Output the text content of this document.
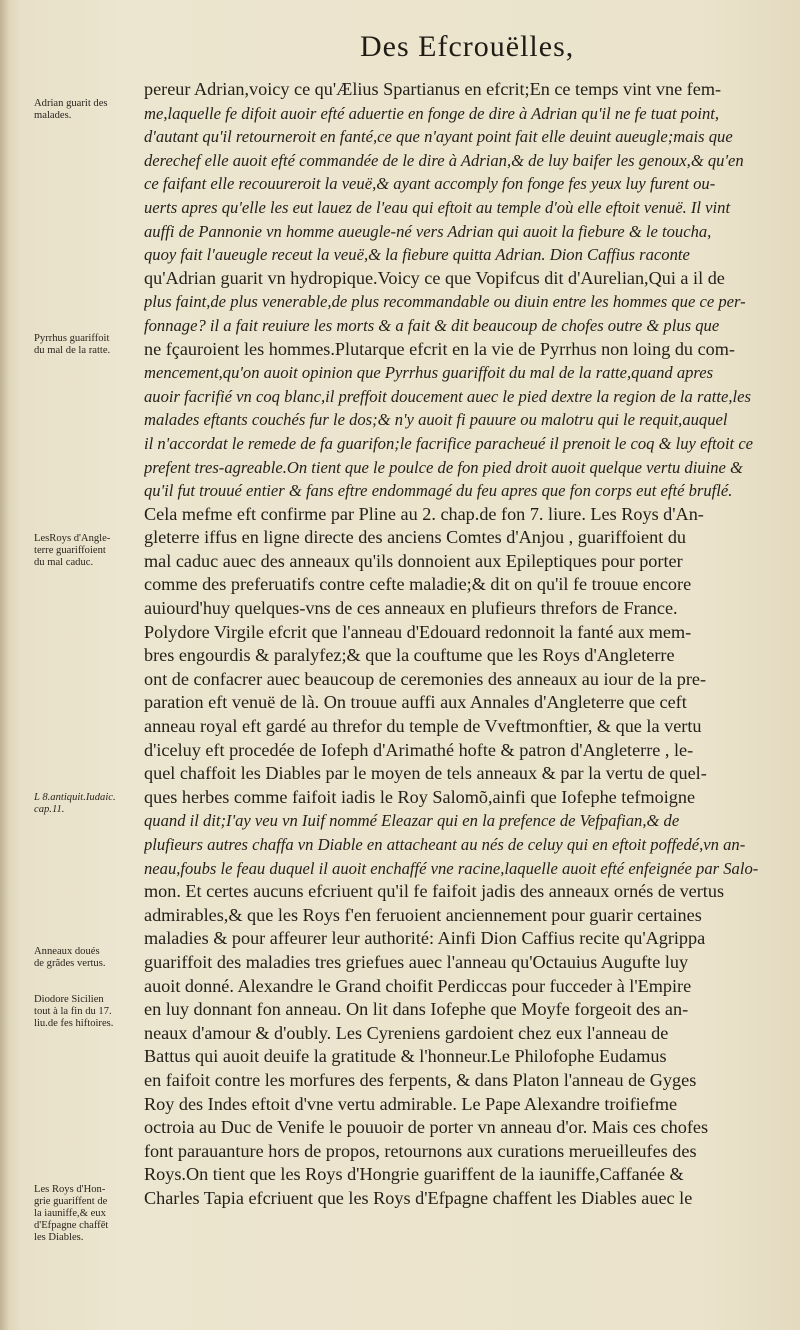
Des Efcrouëlles,
Adrian guarit des
malades.
Pyrrhus guariffoit
du mal de la ratte.
LesRoys d'Angle-
terre guariffoient
du mal caduc.
L 8.antiquit.Iudaic.
cap.11.
Anneaux doués
de grãdes vertus.
Diodore Sicilien
tout à la fin du 17.
liu.de fes hiftoires.
Les Roys d'Hon-
grie guariffent de
la iauniffe,& eux
d'Efpagne chaffēt
les Diables.
pereur Adrian,voicy ce qu'Ælius Spartianus en efcrit;En ce temps vint vne fem-
me,laquelle fe difoit auoir efté aduertie en fonge de dire à Adrian qu'il ne fe tuat point,
d'autant qu'il retourneroit en fanté,ce que n'ayant point fait elle deuint aueugle;mais que
derechef elle auoit efté commandée de le dire à Adrian,& de luy baifer les genoux,& qu'en
ce faifant elle recouureroit la veuë,& ayant accomply fon fonge fes yeux luy furent ou-
uerts apres qu'elle les eut lauez de l'eau qui eftoit au temple d'où elle eftoit venuë. Il vint
auffi de Pannonie vn homme aueugle-né vers Adrian qui auoit la fiebure & le toucha,
quoy fait l'aueugle receut la veuë,& la fiebure quitta Adrian. Dion Caffius raconte
qu'Adrian guarit vn hydropique.Voicy ce que Vopifcus dit d'Aurelian,Qui a il de
plus faint,de plus venerable,de plus recommandable ou diuin entre les hommes que ce per-
fonnage? il a fait reuiure les morts & a fait & dit beaucoup de chofes outre & plus que
ne fçauroient les hommes.Plutarque efcrit en la vie de Pyrrhus non loing du com-
mencement,qu'on auoit opinion que Pyrrhus guariffoit du mal de la ratte,quand apres
auoir facrifié vn coq blanc,il preffoit doucement auec le pied dextre la region de la ratte,les
malades eftants couchés fur le dos;& n'y auoit fi pauure ou malotru qui le requit,auquel
il n'accordat le remede de fa guarifon;le facrifice paracheué il prenoit le coq & luy eftoit ce
prefent tres-agreable.On tient que le poulce de fon pied droit auoit quelque vertu diuine &
qu'il fut trouué entier & fans eftre endommagé du feu apres que fon corps eut efté bruflé.
Cela mefme eft confirme par Pline au 2. chap.de fon 7. liure. Les Roys d'An-
gleterre iffus en ligne directe des anciens Comtes d'Anjou , guariffoient du
mal caduc auec des anneaux qu'ils donnoient aux Epileptiques pour porter
comme des preferuatifs contre cefte maladie;& dit on qu'il fe trouue encore
auiourd'huy quelques-vns de ces anneaux en plufieurs threfors de France.
Polydore Virgile efcrit que l'anneau d'Edouard redonnoit la fanté aux mem-
bres engourdis & paralyfez;& que la couftume que les Roys d'Angleterre
ont de confacrer auec beaucoup de ceremonies des anneaux au iour de la pre-
paration eft venuë de là. On trouue auffi aux Annales d'Angleterre que ceft
anneau royal eft gardé au threfor du temple de Vveftmonftier, & que la vertu
d'iceluy eft procedée de Iofeph d'Arimathé hofte & patron d'Angleterre , le-
quel chaffoit les Diables par le moyen de tels anneaux & par la vertu de quel-
ques herbes comme faifoit iadis le Roy Salomõ,ainfi que Iofephe tefmoigne
quand il dit;I'ay veu vn Iuif nommé Eleazar qui en la prefence de Vefpafian,& de
plufieurs autres chaffa vn Diable en attacheant au nés de celuy qui en eftoit poffedé,vn an-
neau,foubs le feau duquel il auoit enchaffé vne racine,laquelle auoit efté enfeignée par Salo-
mon. Et certes aucuns efcriuent qu'il fe faifoit jadis des anneaux ornés de vertus
admirables,& que les Roys f'en feruoient anciennement pour guarir certaines
maladies & pour affeurer leur authorité: Ainfi Dion Caffius recite qu'Agrippa
guariffoit des maladies tres griefues auec l'anneau qu'Octauius Augufte luy
auoit donné. Alexandre le Grand choifit Perdiccas pour fucceder à l'Empire
en luy donnant fon anneau. On lit dans Iofephe que Moyfe forgeoit des an-
neaux d'amour & d'oubly. Les Cyreniens gardoient chez eux l'anneau de
Battus qui auoit deuife la gratitude & l'honneur.Le Philofophe Eudamus
en faifoit contre les morfures des ferpents, & dans Platon l'anneau de Gyges
Roy des Indes eftoit d'vne vertu admirable. Le Pape Alexandre troifiefme
octroia au Duc de Venife le pouuoir de porter vn anneau d'or. Mais ces chofes
font parauanture hors de propos, retournons aux curations merueilleufes des
Roys.On tient que les Roys d'Hongrie guariffent de la iauniffe,Caffanée &
Charles Tapia efcriuent que les Roys d'Efpagne chaffent les Diables auec le
